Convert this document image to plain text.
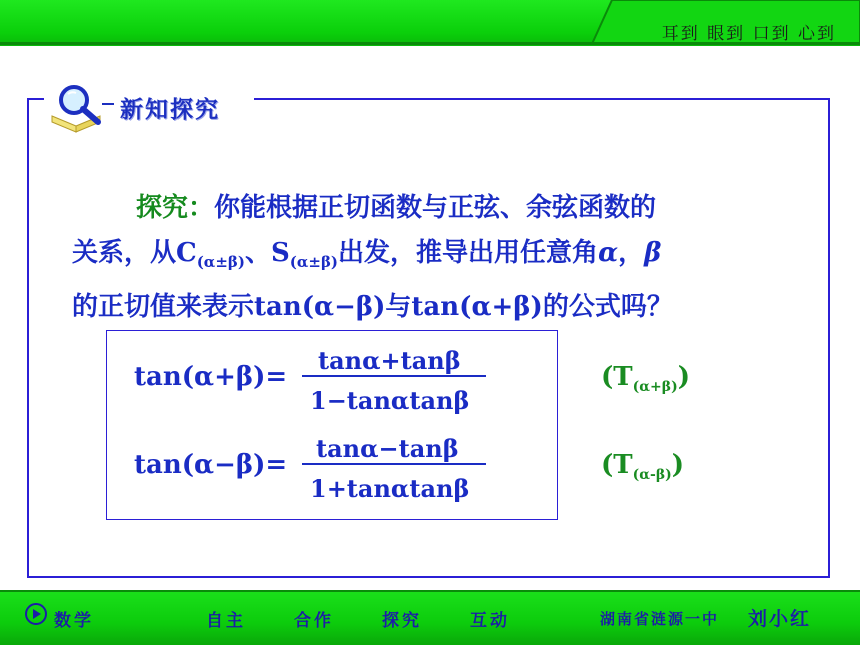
耳到 眼到 口到 心到
新知探究
探究：你能根据正切函数与正弦、余弦函数的
关系，从$C_{(\alpha\pm\beta)}$、$S_{(\alpha\pm\beta)}$出发，推导出用任意角α，β
的正切值来表示tan(α−β)与tan(α+β)的公式吗？
tan(α+β)=
tanα+tanβ
1−tanαtanβ
$(T_{(\alpha+\beta)})$
tan(α−β)=
tanα−tanβ
1+tanαtanβ
$(T_{(\alpha-\beta)})$
数学	自主	合作	探究	互动	湖南省涟源一中 刘小红
